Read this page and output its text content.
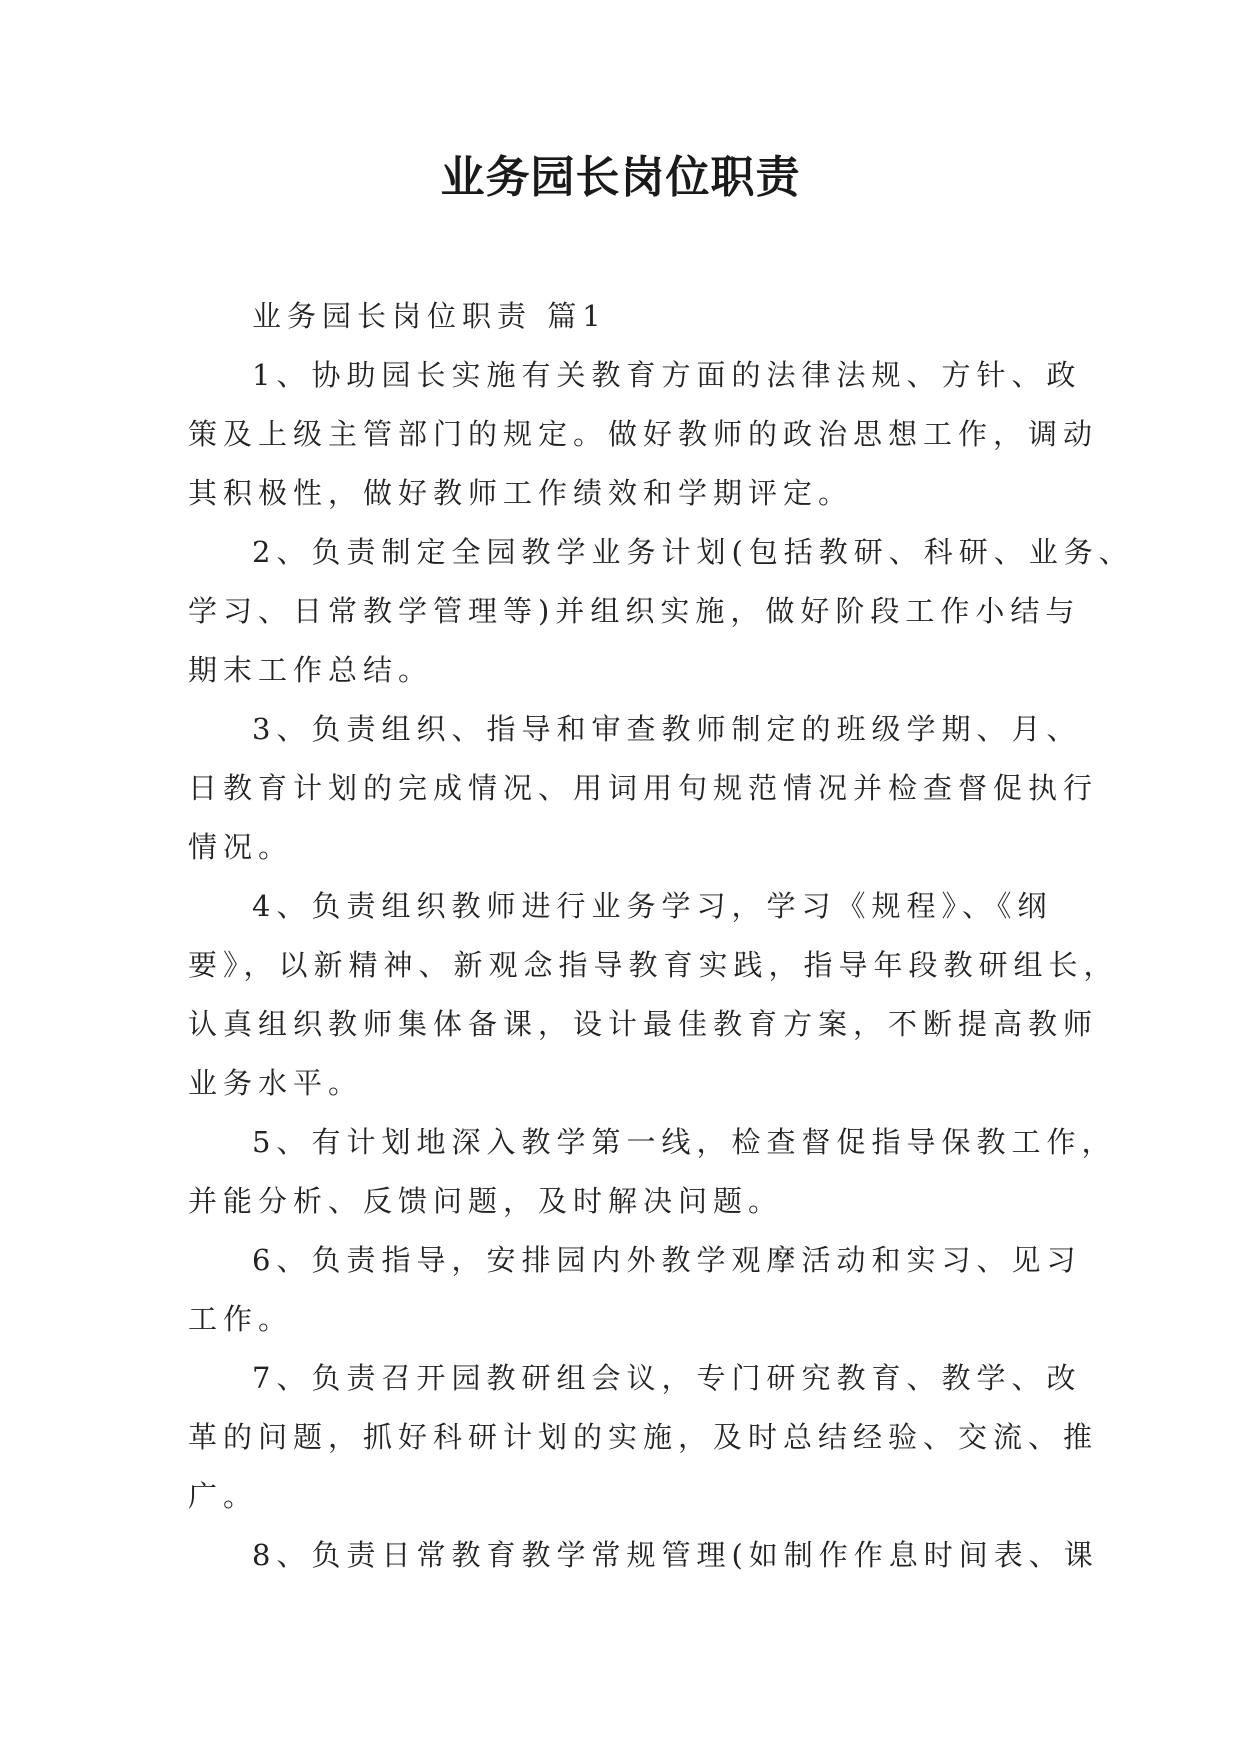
业务园长岗位职责
业务园长岗位职责 篇1
1、协助园长实施有关教育方面的法律法规、方针、政
策及上级主管部门的规定。做好教师的政治思想工作，调动
其积极性，做好教师工作绩效和学期评定。
2、负责制定全园教学业务计划(包括教研、科研、业务、
学习、日常教学管理等)并组织实施，做好阶段工作小结与
期末工作总结。
3、负责组织、指导和审查教师制定的班级学期、月、
日教育计划的完成情况、用词用句规范情况并检查督促执行
情况。
4、负责组织教师进行业务学习，学习《规程》、《纲
要》，以新精神、新观念指导教育实践，指导年段教研组长，
认真组织教师集体备课，设计最佳教育方案，不断提高教师
业务水平。
5、有计划地深入教学第一线，检查督促指导保教工作，
并能分析、反馈问题，及时解决问题。
6、负责指导，安排园内外教学观摩活动和实习、见习
工作。
7、负责召开园教研组会议，专门研究教育、教学、改
革的问题，抓好科研计划的实施，及时总结经验、交流、推
广。
8、负责日常教育教学常规管理(如制作作息时间表、课
